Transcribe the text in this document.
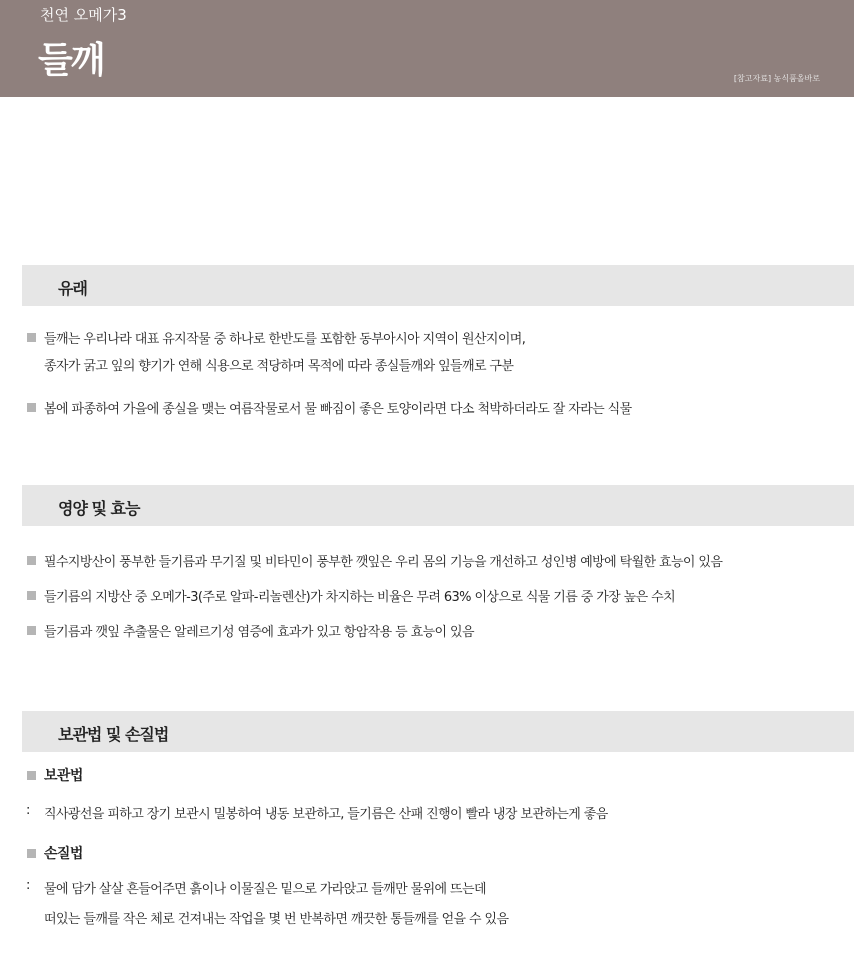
천연 오메가3
들깨	[참고자료] 농식품올바로
유래
들깨는 우리나라 대표 유지작물 중 하나로 한반도를 포함한 동부아시아 지역이 원산지이며,
종자가 굵고 잎의 향기가 연해 식용으로 적당하며 목적에 따라 종실들깨와 잎들깨로 구분
봄에 파종하여 가을에 종실을 맺는 여름작물로서 물 빠짐이 좋은 토양이라면 다소 척박하더라도 잘 자라는 식물
영양 및 효능
필수지방산이 풍부한 들기름과 무기질 및 비타민이 풍부한 깻잎은 우리 몸의 기능을 개선하고 성인병 예방에 탁월한 효능이 있음
들기름의 지방산 중 오메가-3(주로 알파-리놀렌산)가 차지하는 비율은 무려 63% 이상으로 식물 기름 중 가장 높은 수치
들기름과 깻잎 추출물은 알레르기성 염증에 효과가 있고 항암작용 등 효능이 있음
보관법 및 손질법
보관법
: 직사광선을 피하고 장기 보관시 밀봉하여 냉동 보관하고, 들기름은 산패 진행이 빨라 냉장 보관하는게 좋음
손질법
: 물에 담가 살살 흔들어주면 흙이나 이물질은 밑으로 가라앉고 들깨만 물위에 뜨는데
떠있는 들깨를 작은 체로 건져내는 작업을 몇 번 반복하면 깨끗한 통들깨를 얻을 수 있음
